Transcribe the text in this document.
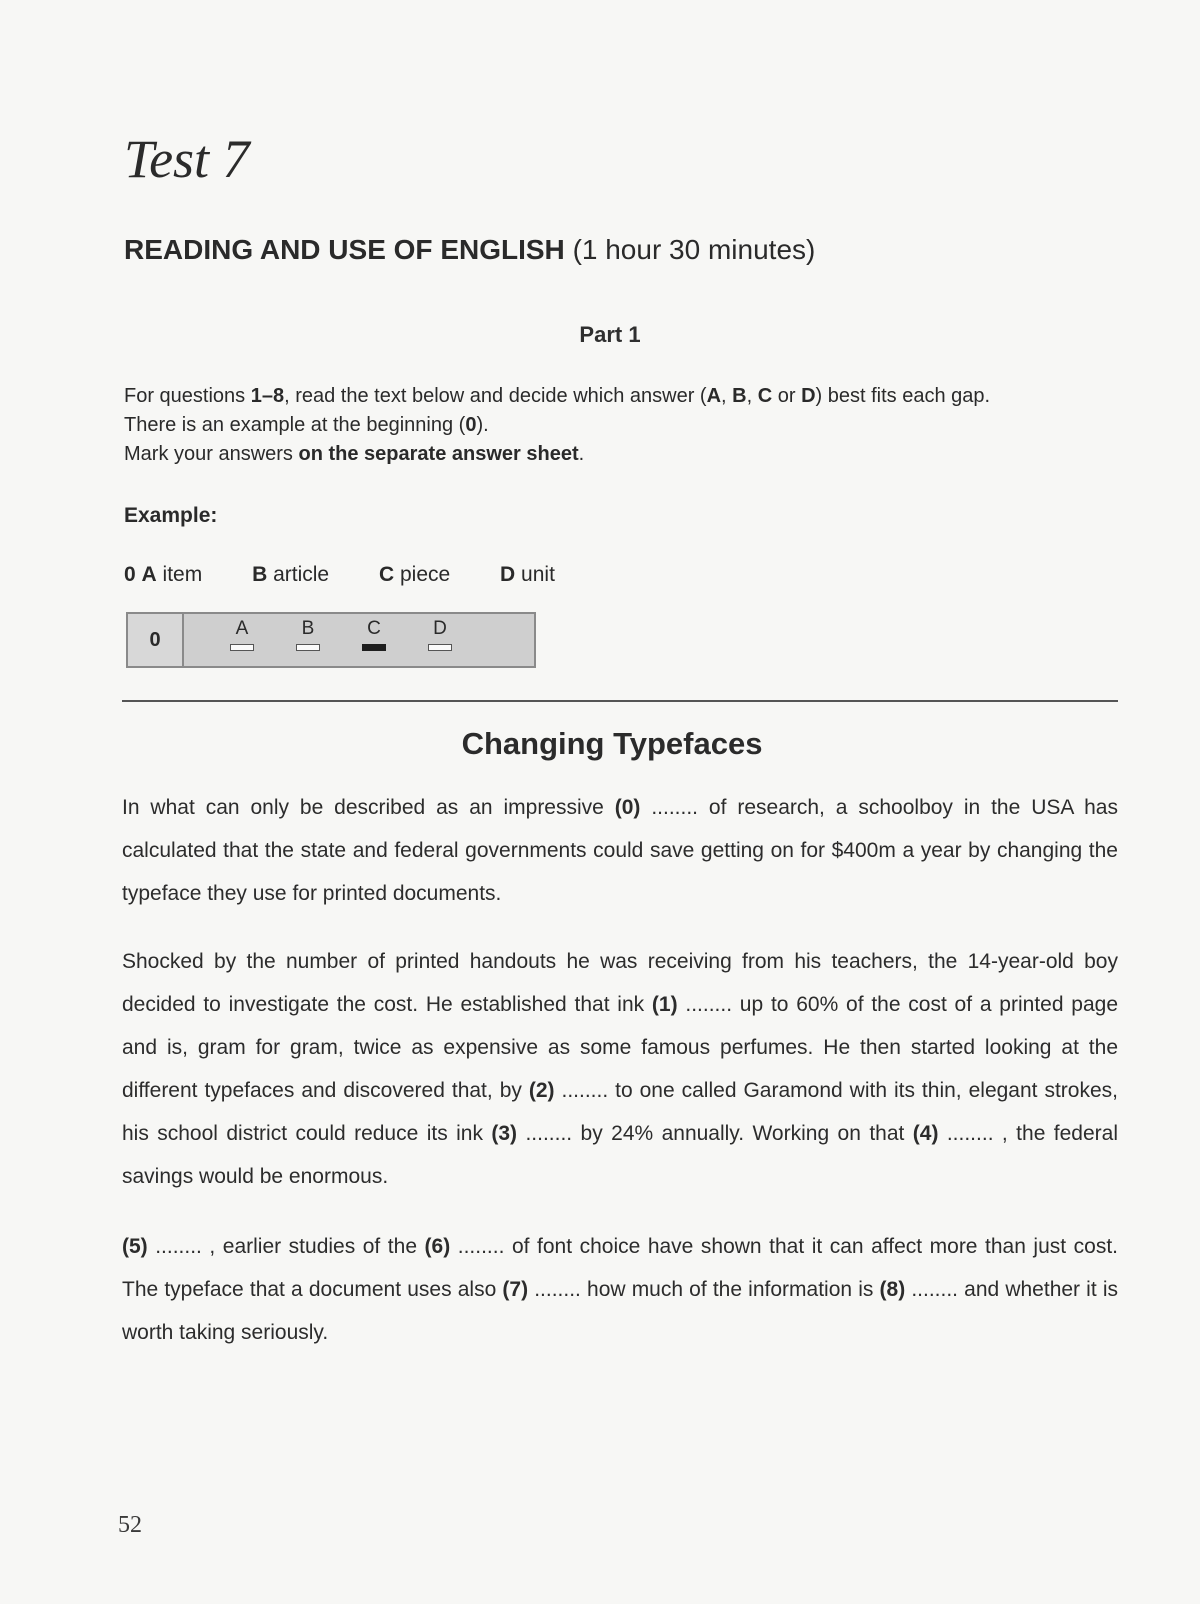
Test 7
READING AND USE OF ENGLISH (1 hour 30 minutes)
Part 1

For questions 1–8, read the text below and decide which answer (A, B, C or D) best fits each gap.

There is an example at the beginning (0).

Mark your answers on the separate answer sheet.

Example:

0 A item B article C piece D unit
0	A	B	C	D
Changing Typefaces

In what can only be described as an impressive (0) ........ of research, a schoolboy in the USA has calculated that the state and federal governments could save getting on for $400m a year by changing the typeface they use for printed documents.

Shocked by the number of printed handouts he was receiving from his teachers, the 14-year-old boy decided to investigate the cost. He established that ink (1) ........ up to 60% of the cost of a printed page and is, gram for gram, twice as expensive as some famous perfumes. He then started looking at the different typefaces and discovered that, by (2) ........ to one called Garamond with its thin, elegant strokes, his school district could reduce its ink (3) ........ by 24% annually. Working on that (4) ........ , the federal savings would be enormous.

(5) ........ , earlier studies of the (6) ........ of font choice have shown that it can affect more than just cost. The typeface that a document uses also (7) ........ how much of the information is (8) ........ and whether it is worth taking seriously.

52
